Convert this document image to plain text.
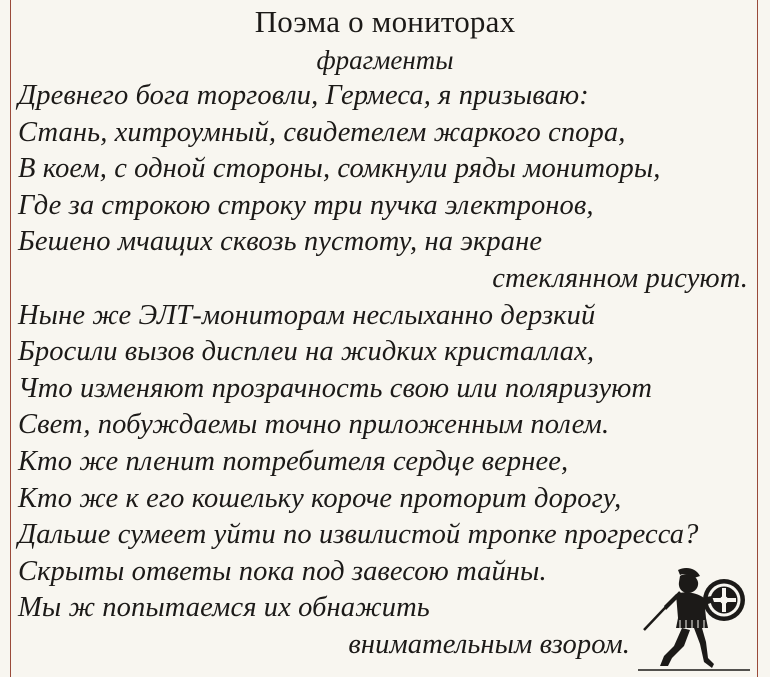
Поэма о мониторах
фрагменты
Древнего бога торговли, Гермеса, я призываю:
Стань, хитроумный, свидетелем жаркого спора,
В коем, с одной стороны, сомкнули ряды мониторы,
Где за строкою строку три пучка электронов,
Бешено мчащих сквозь пустоту, на экране
стеклянном рисуют.
Ныне же ЭЛТ-мониторам неслыханно дерзкий
Бросили вызов дисплеи на жидких кристаллах,
Что изменяют прозрачность свою или поляризуют
Свет, побуждаемы точно приложенным полем.
Кто же пленит потребителя сердце вернее,
Кто же к его кошельку короче проторит дорогу,
Дальше сумеет уйти по извилистой тропке прогресса?
Скрыты ответы пока под завесою тайны.
Мы ж попытаемся их обнажить
внимательным взором.
